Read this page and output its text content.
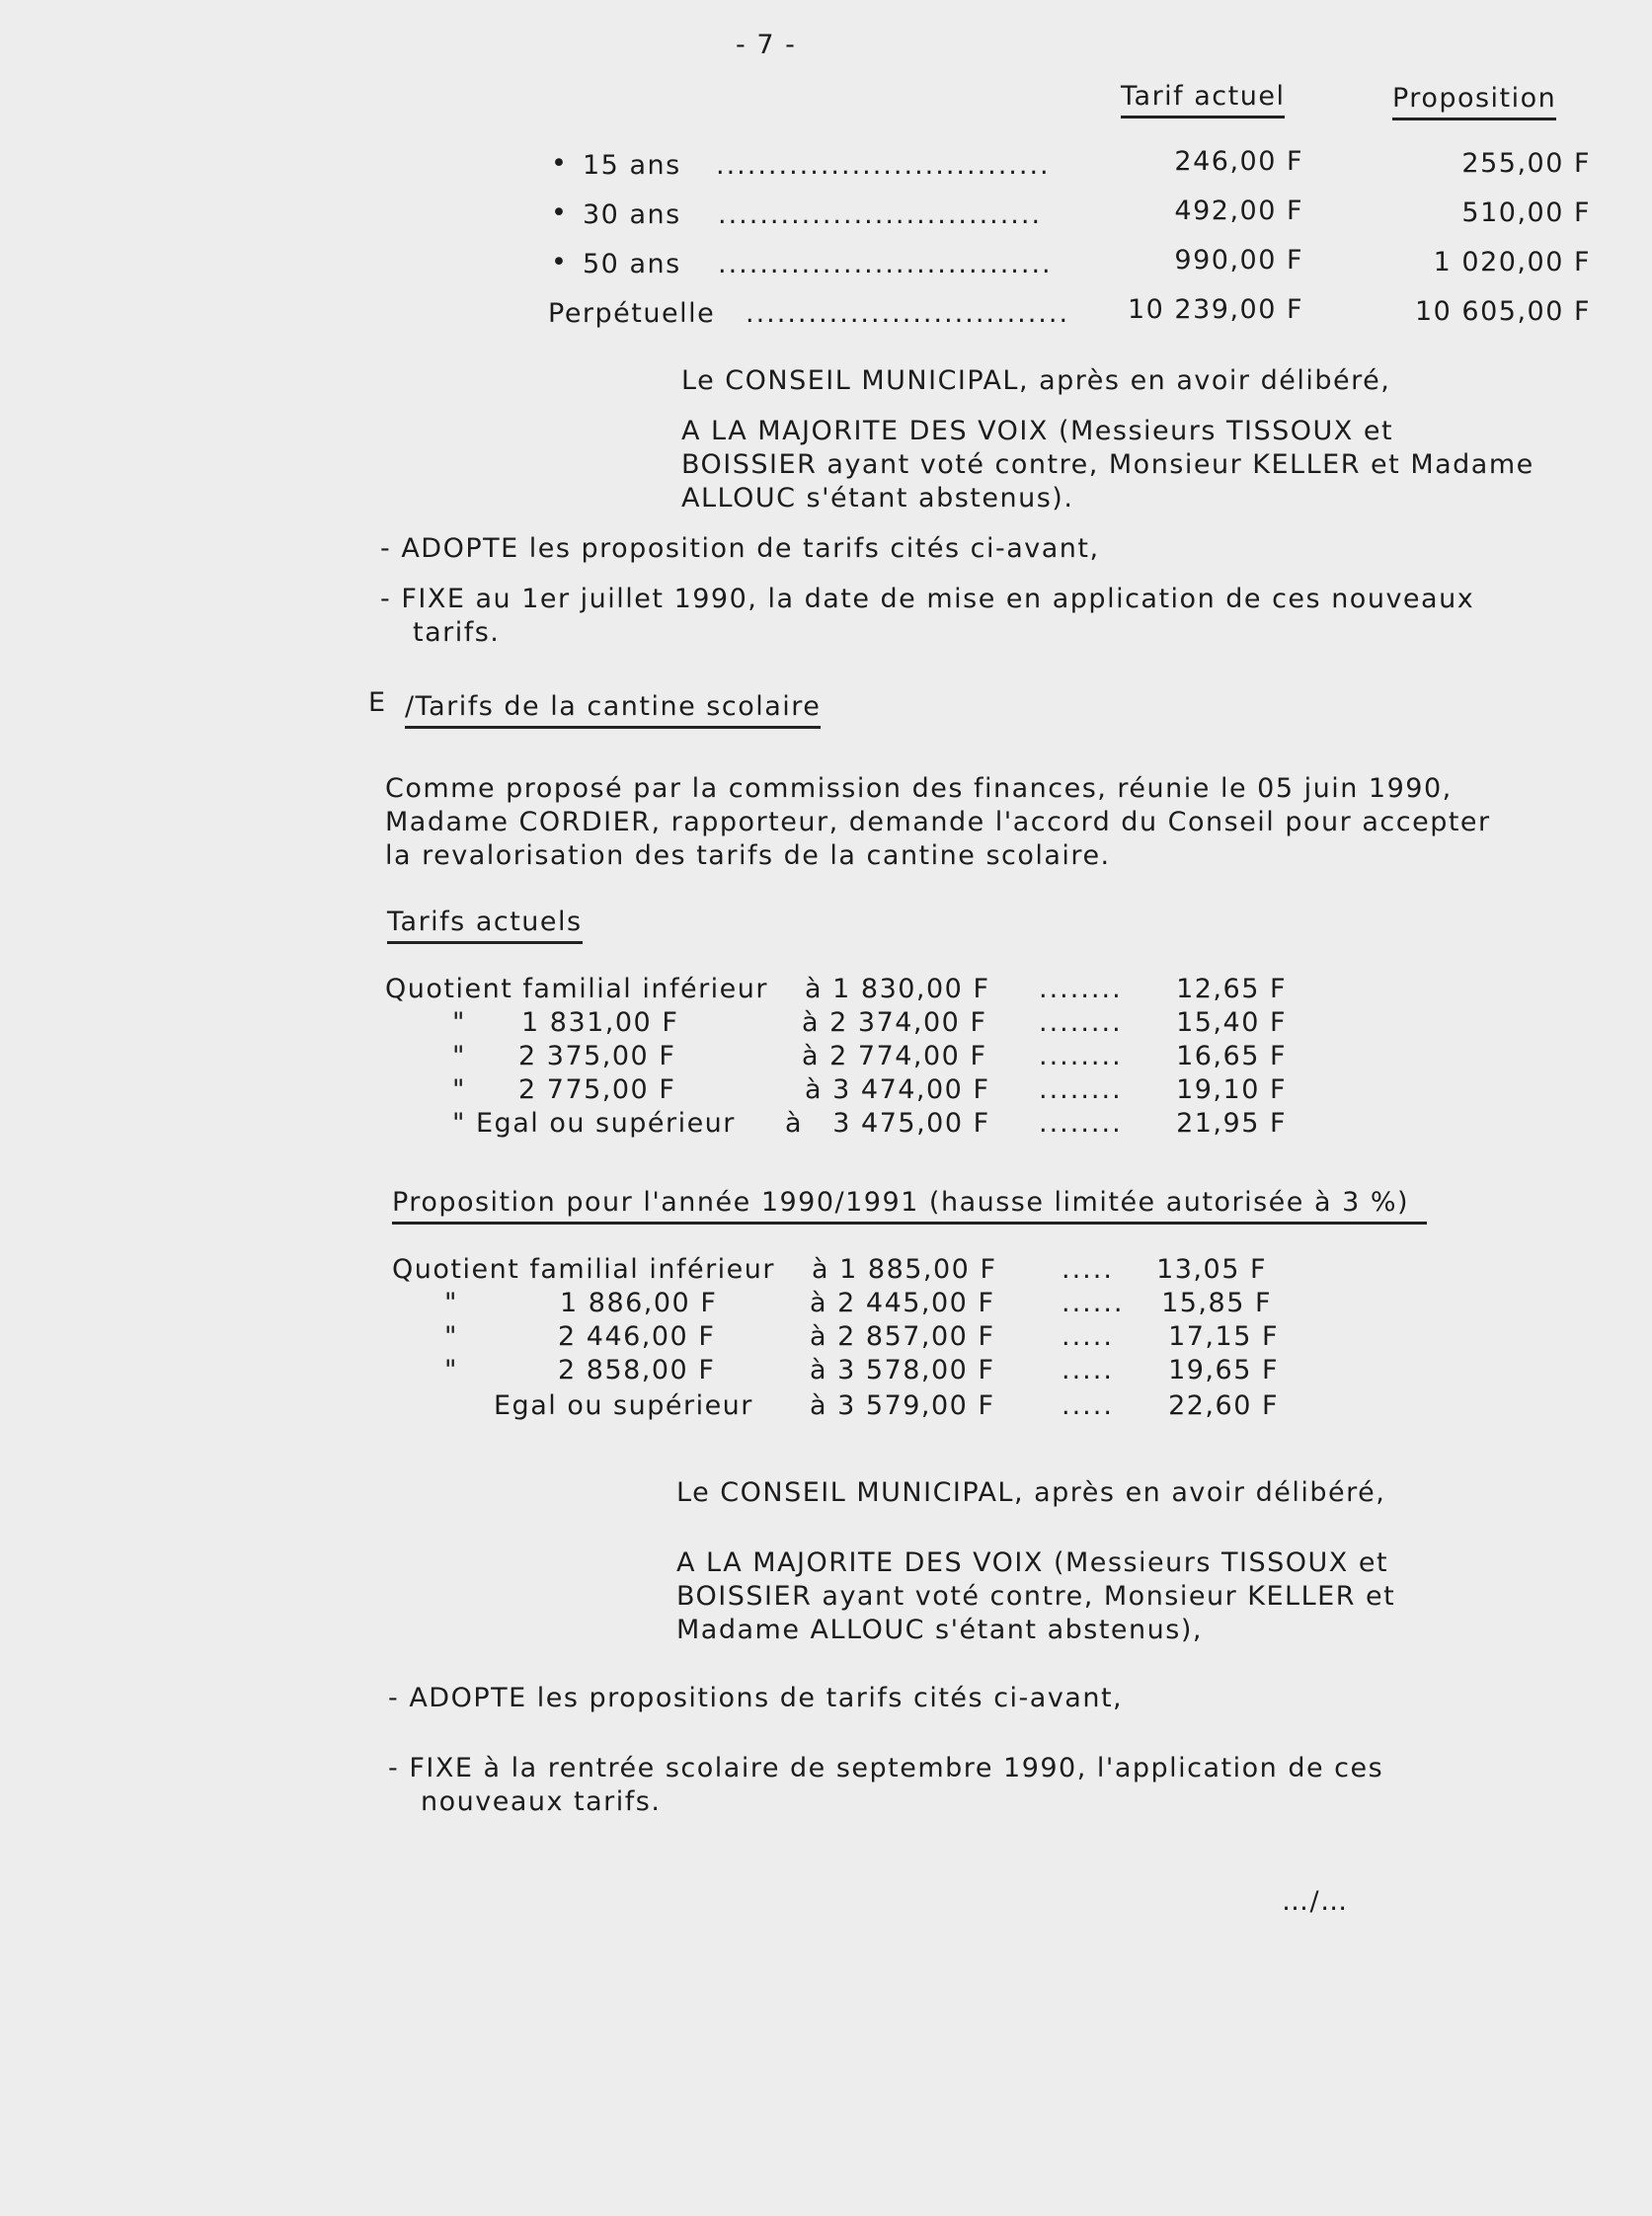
- 7 -
Tarif actuel	Proposition
• 15 ans ................................	246,00 F	255,00 F
• 30 ans ...............................	492,00 F	510,00 F
• 50 ans ................................	990,00 F	1 020,00 F
Perpétuelle ............................... 10 239,00 F	10 605,00 F
Le CONSEIL MUNICIPAL, après en avoir délibéré,
A LA MAJORITE DES VOIX (Messieurs TISSOUX et
BOISSIER ayant voté contre, Monsieur KELLER et Madame
ALLOUC s'étant abstenus).
- ADOPTE les proposition de tarifs cités ci-avant,
- FIXE au 1er juillet 1990, la date de mise en application de ces nouveaux
tarifs.
E /Tarifs de la cantine scolaire
Comme proposé par la commission des finances, réunie le 05 juin 1990,
Madame CORDIER, rapporteur, demande l'accord du Conseil pour accepter
la revalorisation des tarifs de la cantine scolaire.
Tarifs actuels
Quotient familial inférieur à 1 830,00 F ........ 12,65 F
" 1 831,00 F	à 2 374,00 F ........ 15,40 F
" 2 375,00 F	à 2 774,00 F ........ 16,65 F
" 2 775,00 F	à 3 474,00 F ........ 19,10 F
" Egal ou supérieur à   3 475,00 F ........ 21,95 F
Proposition pour l'année 1990/1991 (hausse limitée autorisée à 3 %)
Quotient familial inférieur à 1 885,00 F ..... 13,05 F
"	1 886,00 F	à 2 445,00 F	...... 15,85 F
"	2 446,00 F	à 2 857,00 F	..... 17,15 F
"	2 858,00 F	à 3 578,00 F	..... 19,65 F
Egal ou supérieur à 3 579,00 F	..... 22,60 F
Le CONSEIL MUNICIPAL, après en avoir délibéré,
A LA MAJORITE DES VOIX (Messieurs TISSOUX et
BOISSIER ayant voté contre, Monsieur KELLER et
Madame ALLOUC s'étant abstenus),
- ADOPTE les propositions de tarifs cités ci-avant,
- FIXE à la rentrée scolaire de septembre 1990, l'application de ces
nouveaux tarifs.
…/…
